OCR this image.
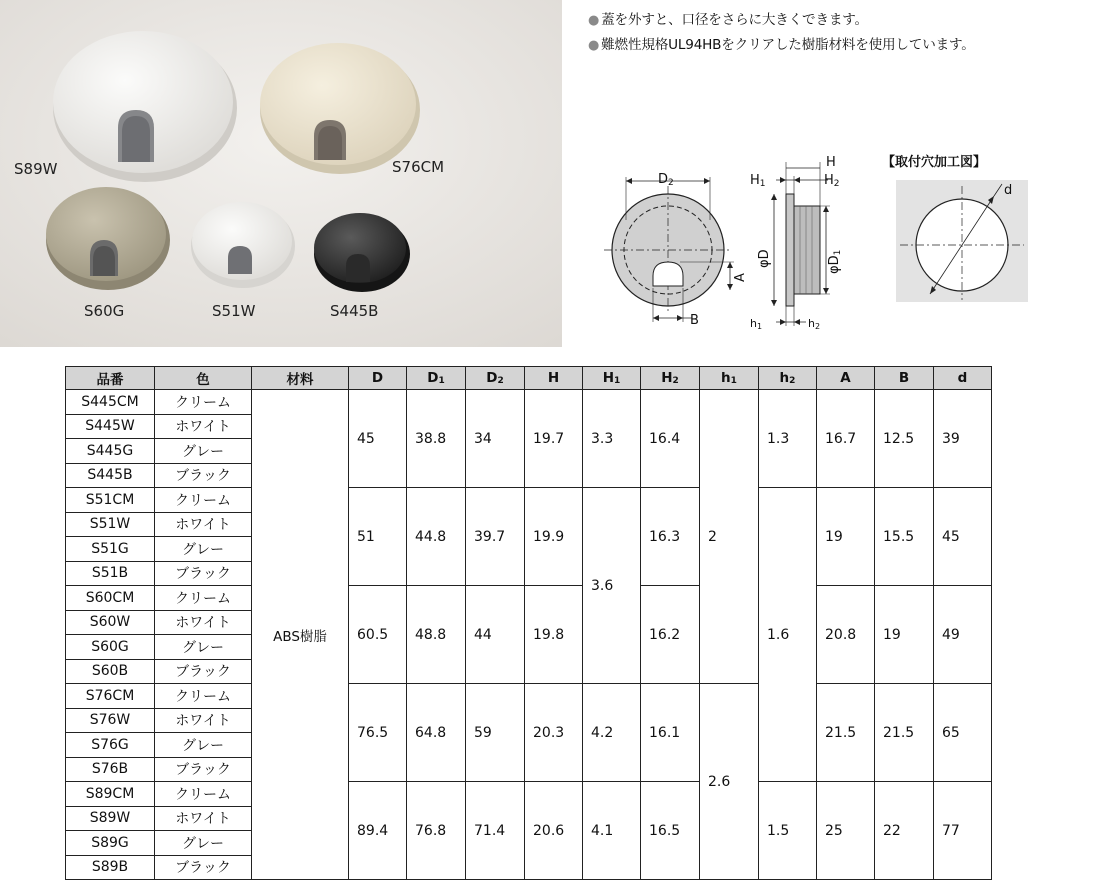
S89W	S76CM
S60G	S51W	S445B
● 蓋を外すと、口径をさらに大きくできます。
● 難燃性規格UL94HBをクリアした樹脂材料を使用しています。
D2
A
B
H
H1	H2
φD	φD1
h1	h2
【取付穴加工図】
d
品番	色	材料	D	$D_1$	$D_2$	H	$H_1$	$H_2$	$h_1$	$h_2$	A	B	d
S445CM	クリーム	ABS樹脂	45	38.8	34	19.7	3.3	16.4	2	1.3	16.7	12.5	39
S445W	ホワイト												
S445G	グレー												
S445B	ブラック												
S51CM	クリーム		51	44.8	39.7	19.9	3.6	16.3		1.6	19	15.5	45
S51W	ホワイト												
S51G	グレー												
S51B	ブラック												
S60CM	クリーム		60.5	48.8	44	19.8		16.2			20.8	19	49
S60W	ホワイト												
S60G	グレー												
S60B	ブラック												
S76CM	クリーム		76.5	64.8	59	20.3	4.2	16.1	2.6		21.5	21.5	65
S76W	ホワイト												
S76G	グレー												
S76B	ブラック												
S89CM	クリーム		89.4	76.8	71.4	20.6	4.1	16.5		1.5	25	22	77
S89W	ホワイト												
S89G	グレー												
S89B	ブラック												
